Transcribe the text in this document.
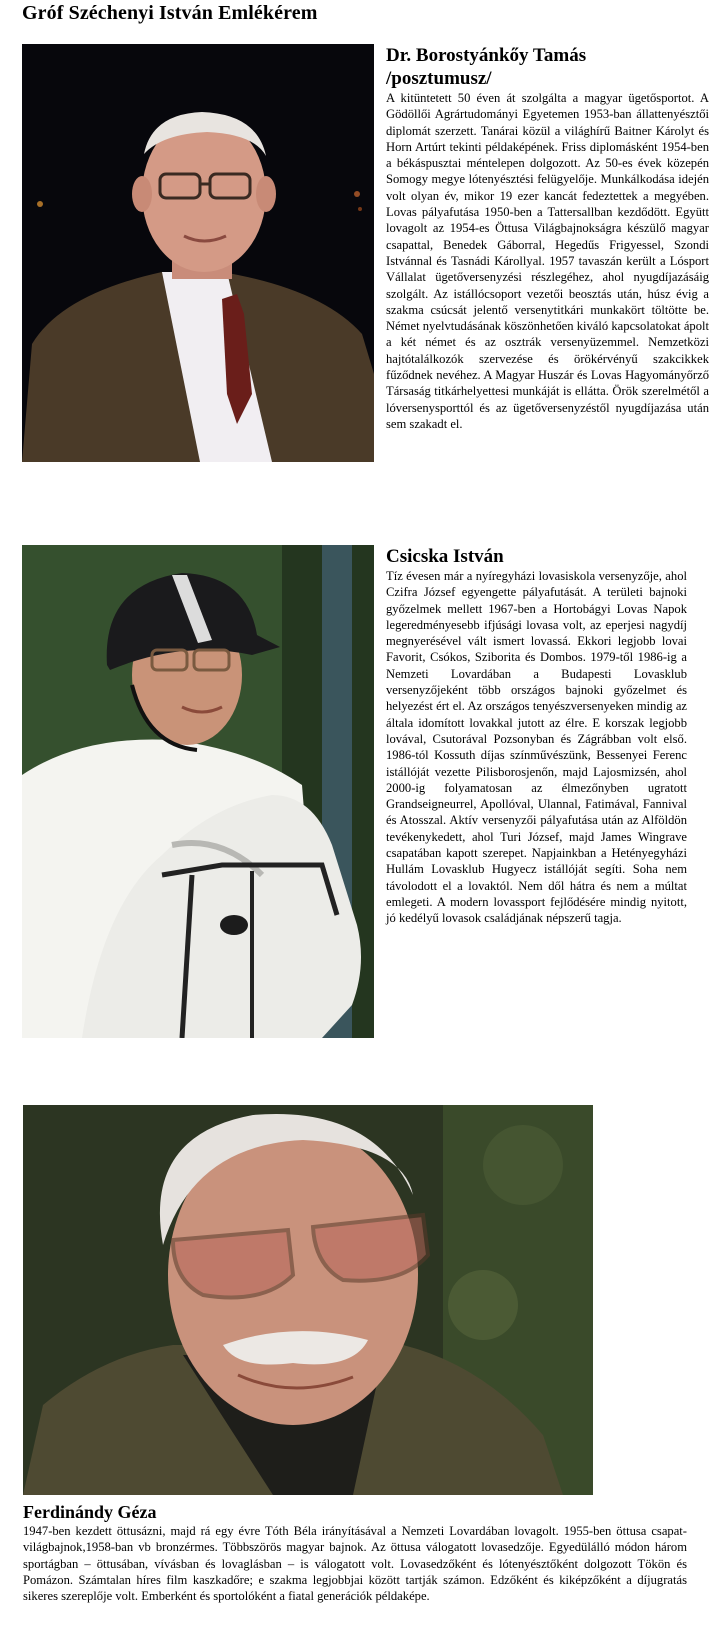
Gróf Széchenyi István Emlékérem
Dr. Borostyánkőy Tamás
/posztumusz/

A kitüntetett 50 éven át szolgálta a magyar ügetősportot. A Gödöllői Agrártudományi Egyetemen 1953-ban állattenyésztői diplomát szerzett. Tanárai közül a világhírű Baitner Károlyt és Horn Artúrt tekinti példaképének. Friss diplomásként 1954-ben a békáspusztai méntelepen dolgozott. Az 50-es évek közepén Somogy megye lótenyésztési felügyelője. Munkálkodása idején volt olyan év, mikor 19 ezer kancát fedeztettek a megyében. Lovas pályafutása 1950-ben a Tattersallban kezdődött. Együtt lovagolt az 1954-es Öttusa Világbajnokságra készülő magyar csapattal, Benedek Gáborral, Hegedűs Frigyessel, Szondi Istvánnal és Tasnádi Károllyal. 1957 tavaszán került a Lósport Vállalat ügetőversenyzési részlegéhez, ahol nyugdíjazásáig szolgált. Az istállócsoport vezetői beosztás után, húsz évig a szakma csúcsát jelentő versenytitkári munkakört töltötte be. Német nyelvtudásának köszönhetően kiváló kapcsolatokat ápolt a két német és az osztrák versenyüzemmel. Nemzetközi hajtótalálkozók szervezése és örökérvényű szakcikkek fűződnek nevéhez. A Magyar Huszár és Lovas Hagyományőrző Társaság titkárhelyettesi munkáját is ellátta. Örök szerelmétől a lóversenysporttól és az ügetőversenyzéstől nyugdíjazása után sem szakadt el.

Csicska István

Tíz évesen már a nyíregyházi lovasiskola versenyzője, ahol Czifra József egyengette pályafutását. A területi bajnoki győzelmek mellett 1967-ben a Hortobágyi Lovas Napok legeredményesebb ifjúsági lovasa volt, az eperjesi nagydíj megnyerésével vált ismert lovassá. Ekkori legjobb lovai Favorit, Csókos, Sziborita és Dombos. 1979-től 1986-ig a Nemzeti Lovardában a Budapesti Lovasklub versenyzőjeként több országos bajnoki győzelmet és helyezést ért el. Az országos tenyészversenyeken mindig az általa idomított lovakkal jutott az élre. E korszak legjobb lovával, Csutorával Pozsonyban és Zágrábban volt első. 1986-tól Kossuth díjas színművészünk, Bessenyei Ferenc istállóját vezette Pilisborosjenőn, majd Lajosmizsén, ahol 2000-ig folyamatosan az élmezőnyben ugratott Grandseigneurrel, Apollóval, Ulannal, Fatimával, Fannival és Atosszal. Aktív versenyzői pályafutása után az Alföldön tevékenykedett, ahol Turi József, majd James Wingrave csapatában kapott szerepet. Napjainkban a Hetényegyházi Hullám Lovasklub Hugyecz istállóját segíti. Soha nem távolodott el a lovaktól. Nem dől hátra és nem a múltat emlegeti. A modern lovassport fejlődésére mindig nyitott, jó kedélyű lovasok családjának népszerű tagja.

Ferdinándy Géza

1947-ben kezdett öttusázni, majd rá egy évre Tóth Béla irányításával a Nemzeti Lovardában lovagolt. 1955-ben öttusa csapat-világbajnok,1958-ban vb bronzérmes. Többszörös magyar bajnok. Az öttusa válogatott lovasedzője. Egyedülálló módon három sportágban – öttusában, vívásban és lovaglásban – is válogatott volt. Lovasedzőként és lótenyésztőként dolgozott Tökön és Pomázon. Számtalan híres film kaszkadőre; e szakma legjobbjai között tartják számon. Edzőként és kiképzőként a díjugratás sikeres szereplője volt. Emberként és sportolóként a fiatal generációk példaképe.
